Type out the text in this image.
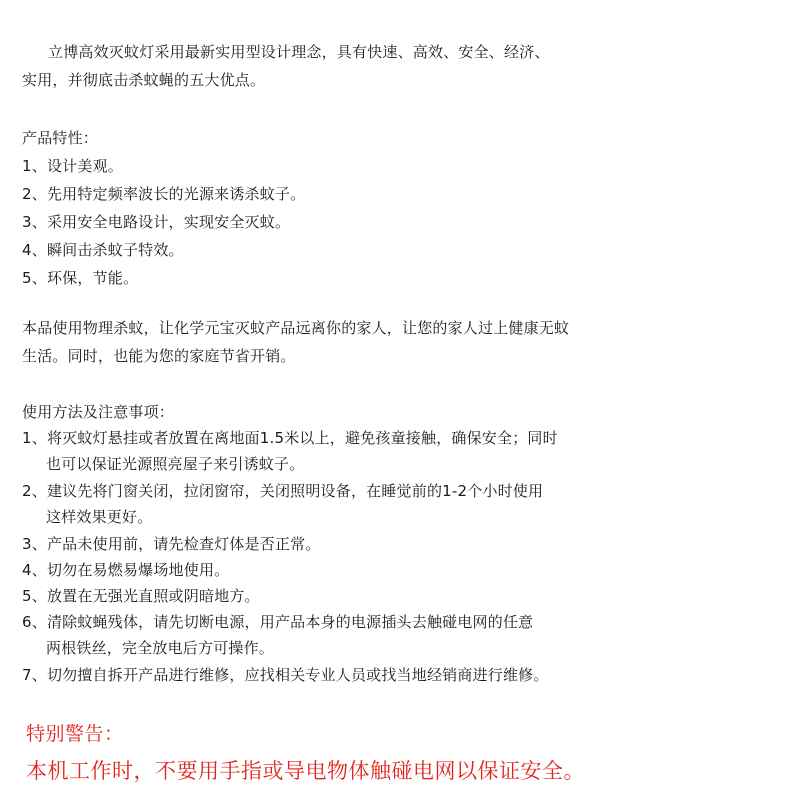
立博高效灭蚊灯采用最新实用型设计理念，具有快速、高效、安全、经济、
实用，并彻底击杀蚊蝇的五大优点。
产品特性：
1、设计美观。
2、先用特定频率波长的光源来诱杀蚊子。
3、采用安全电路设计，实现安全灭蚊。
4、瞬间击杀蚊子特效。
5、环保，节能。
本品使用物理杀蚊，让化学元宝灭蚊产品远离你的家人，让您的家人过上健康无蚊
生活。同时，也能为您的家庭节省开销。
使用方法及注意事项：
1、将灭蚊灯悬挂或者放置在离地面1.5米以上，避免孩童接触，确保安全；同时
也可以保证光源照亮屋子来引诱蚊子。
2、建议先将门窗关闭，拉闭窗帘，关闭照明设备，在睡觉前的1-2个小时使用
这样效果更好。
3、产品未使用前，请先检查灯体是否正常。
4、切勿在易燃易爆场地使用。
5、放置在无强光直照或阴暗地方。
6、清除蚊蝇残体，请先切断电源，用产品本身的电源插头去触碰电网的任意
两根铁丝，完全放电后方可操作。
7、切勿擅自拆开产品进行维修，应找相关专业人员或找当地经销商进行维修。
特别警告：
本机工作时，不要用手指或导电物体触碰电网以保证安全。
